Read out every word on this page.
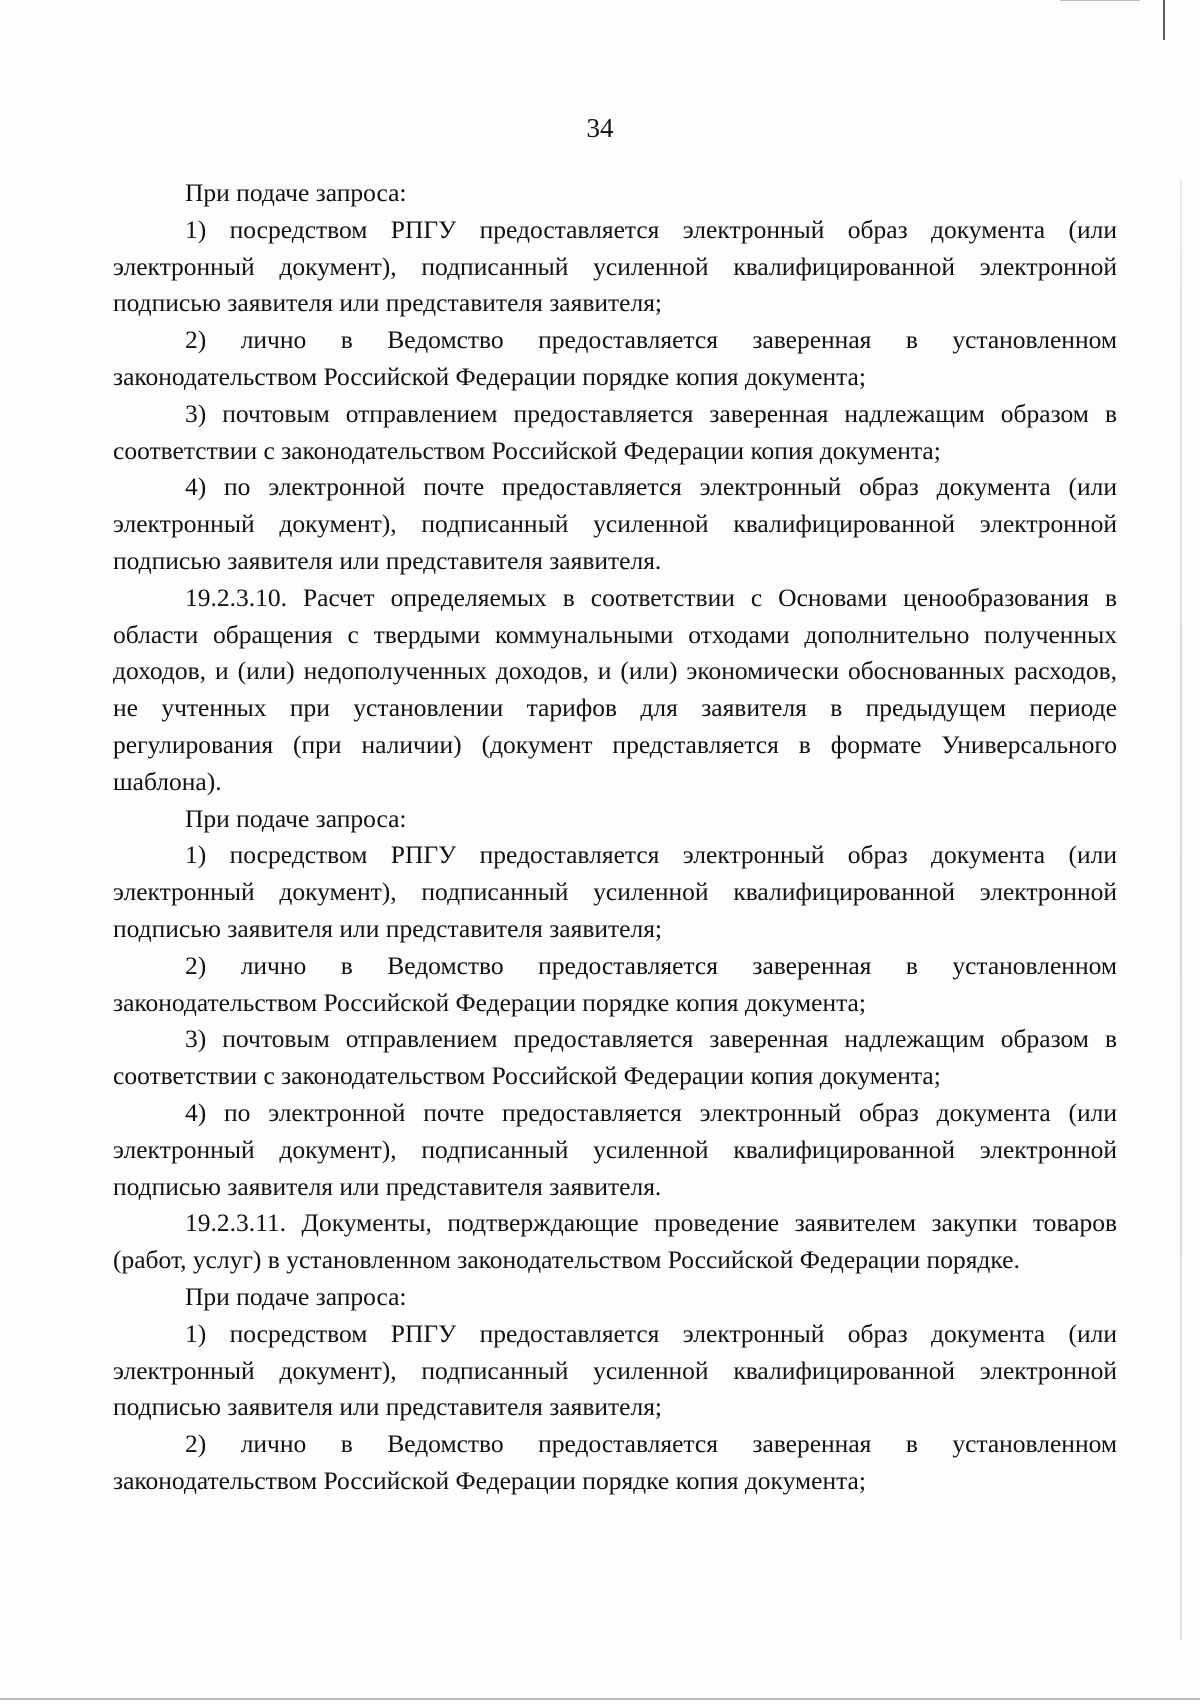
34

При подаче запроса:

1) посредством РПГУ предоставляется электронный образ документа (или электронный документ), подписанный усиленной квалифицированной электронной подписью заявителя или представителя заявителя;

2) лично в Ведомство предоставляется заверенная в установленном законодательством Российской Федерации порядке копия документа;

3) почтовым отправлением предоставляется заверенная надлежащим образом в соответствии с законодательством Российской Федерации копия документа;

4) по электронной почте предоставляется электронный образ документа (или электронный документ), подписанный усиленной квалифицированной электронной подписью заявителя или представителя заявителя.

19.2.3.10. Расчет определяемых в соответствии с Основами ценообразования в области обращения с твердыми коммунальными отходами дополнительно полученных доходов, и (или) недополученных доходов, и (или) экономически обоснованных расходов, не учтенных при установлении тарифов для заявителя в предыдущем периоде регулирования (при наличии) (документ представляется в формате Универсального шаблона).

При подаче запроса:

1) посредством РПГУ предоставляется электронный образ документа (или электронный документ), подписанный усиленной квалифицированной электронной подписью заявителя или представителя заявителя;

2) лично в Ведомство предоставляется заверенная в установленном законодательством Российской Федерации порядке копия документа;

3) почтовым отправлением предоставляется заверенная надлежащим образом в соответствии с законодательством Российской Федерации копия документа;

4) по электронной почте предоставляется электронный образ документа (или электронный документ), подписанный усиленной квалифицированной электронной подписью заявителя или представителя заявителя.

19.2.3.11. Документы, подтверждающие проведение заявителем закупки товаров (работ, услуг) в установленном законодательством Российской Федерации порядке.

При подаче запроса:

1) посредством РПГУ предоставляется электронный образ документа (или электронный документ), подписанный усиленной квалифицированной электронной подписью заявителя или представителя заявителя;

2) лично в Ведомство предоставляется заверенная в установленном законодательством Российской Федерации порядке копия документа;
